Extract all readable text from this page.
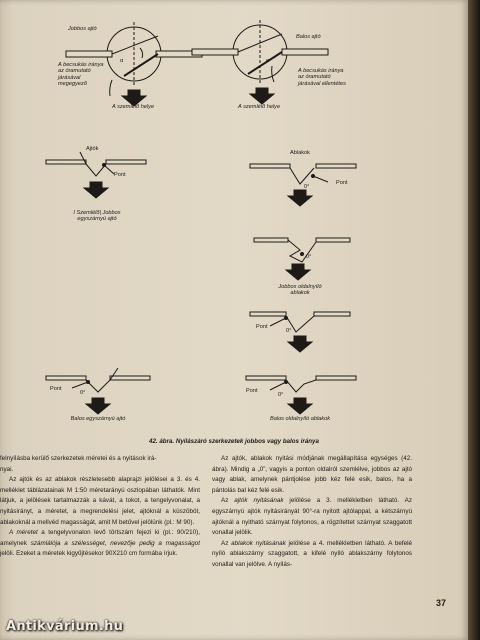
Jobbos ajtó
α
A becsukás iránya az óramutató járásával megegyező
A szemlélő helye
Balos ajtó
α
A becsukás iránya az óramutató járásával ellentétes
A szemlélő helye
Ajtók
Pont
I Szemlélő| Jobbos egyszárnyú ajtó
Ablakok
Pont
0°
0°
Jobbos oldalnyíló ablakok
Pont
0°
Pont
0°
Balos egyszárnyú ajtó
Pont
0°
Balos oldalnyíló ablakok
42. ábra. Nyílászáró szerkezetek jobbos vagy balos iránya

felnyílásba kerülő szerkezetek méretei és a nyitások irá-

nyai.

Az ajtók és az ablakok részletesebb alaprajzi jelölései a 3. és 4. melléklet táblázatainak M 1:50 méretarányú oszlopában láthatók. Mint látjuk, a jelölések tartalmazzák a kávát, a tokot, a tengelyvonalat, a nyitásirányt, a méretet, a megrendelési jelet, ajtóknál a küszöböt, ablakoknál a mellvéd magasságát, amit M betűvel jelölünk (pl.: M 90).

A méretet a tengelyvonalon levő törtszám fejezi ki (pl.: 90/210), amelynek számlálója a szélességet, nevezője pedig a magasságot jelöli. Ezeket a méretek kigyűjtésekor 90X210 cm formába írjuk.

Az ajtók, ablakok nyitási módjának megállapítása egységes (42. ábra). Mindig a „0”, vagyis a ponton oldalról szemlélve, jobbos az ajtó vagy ablak, amelynek pántjolése jobb kéz felé esik, balos, ha a pántolás bal kéz felé esik.

Az ajtók nyitásának jelölése a 3. mellékletben látható. Az egyszárnyú ajtók nyitásirányát 90°-ra nyitott ajtólappal, a kétszárnyú ajtóknál a nyitható szárnyat folytonos, a rögzítettet szárnyat szaggatott vonallal jelölik.

Az ablakok nyitásának jelölése a 4. mellékletben látható. A befelé nyíló ablakszárny szaggatott, a kifelé nyíló ablakszárny folytonos vonallal van jelölve. A nyílás-

37
Antikvárium.hu
